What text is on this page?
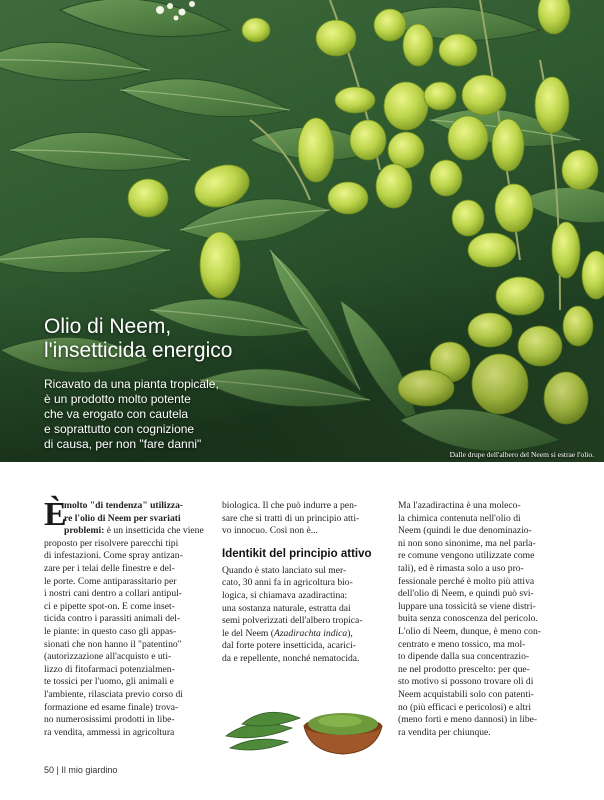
Olio di Neem,
l'insetticida energico
Ricavato da una pianta tropicale,
è un prodotto molto potente
che va erogato con cautela
e soprattutto con cognizione
di causa, per non "fare danni"
Dalle drupe dell'albero del Neem si estrae l'olio.
È
molto "di tendenza" utilizza-
re l'olio di Neem per svariati
problemi: è un insetticida che viene
proposto per risolvere parecchi tipi
di infestazioni. Come spray antizan-
zare per i telai delle finestre e del-
le porte. Come antiparassitario per
i nostri cani dentro a collari antipul-
ci e pipette spot-on. E come inset-
ticida contro i parassiti animali del-
le piante: in questo caso gli appas-
sionati che non hanno il "patentino"
(autorizzazione all'acquisto e uti-
lizzo di fitofarmaci potenzialmen-
te tossici per l'uomo, gli animali e
l'ambiente, rilasciata previo corso di
formazione ed esame finale) trova-
no numerosissimi prodotti in libe-
ra vendita, ammessi in agricoltura
biologica. Il che può indurre a pen-
sare che si tratti di un principio atti-
vo innocuo. Così non è...
Identikit del principio attivo
Quando è stato lanciato sul mer-
cato, 30 anni fa in agricoltura bio-
logica, si chiamava azadiractina:
una sostanza naturale, estratta dai
semi polverizzati dell'albero tropica-
le del Neem (Azadirachta indica),
dal forte potere insetticida, acarici-
da e repellente, nonché nematocida.
Ma l'azadiractina è una moleco-
la chimica contenuta nell'olio di
Neem (quindi le due denominazio-
ni non sono sinonime, ma nel parla-
re comune vengono utilizzate come
tali), ed è rimasta solo a uso pro-
fessionale perché è molto più attiva
dell'olio di Neem, e quindi può svi-
luppare una tossicità se viene distri-
buita senza conoscenza del pericolo.
L'olio di Neem, dunque, è meno con-
centrato e meno tossico, ma mol-
to dipende dalla sua concentrazio-
ne nel prodotto prescelto: per que-
sto motivo si possono trovare oli di
Neem acquistabili solo con patenti-
no (più efficaci e pericolosi) e altri
(meno forti e meno dannosi) in libe-
ra vendita per chiunque.
50 | Il mio giardino
